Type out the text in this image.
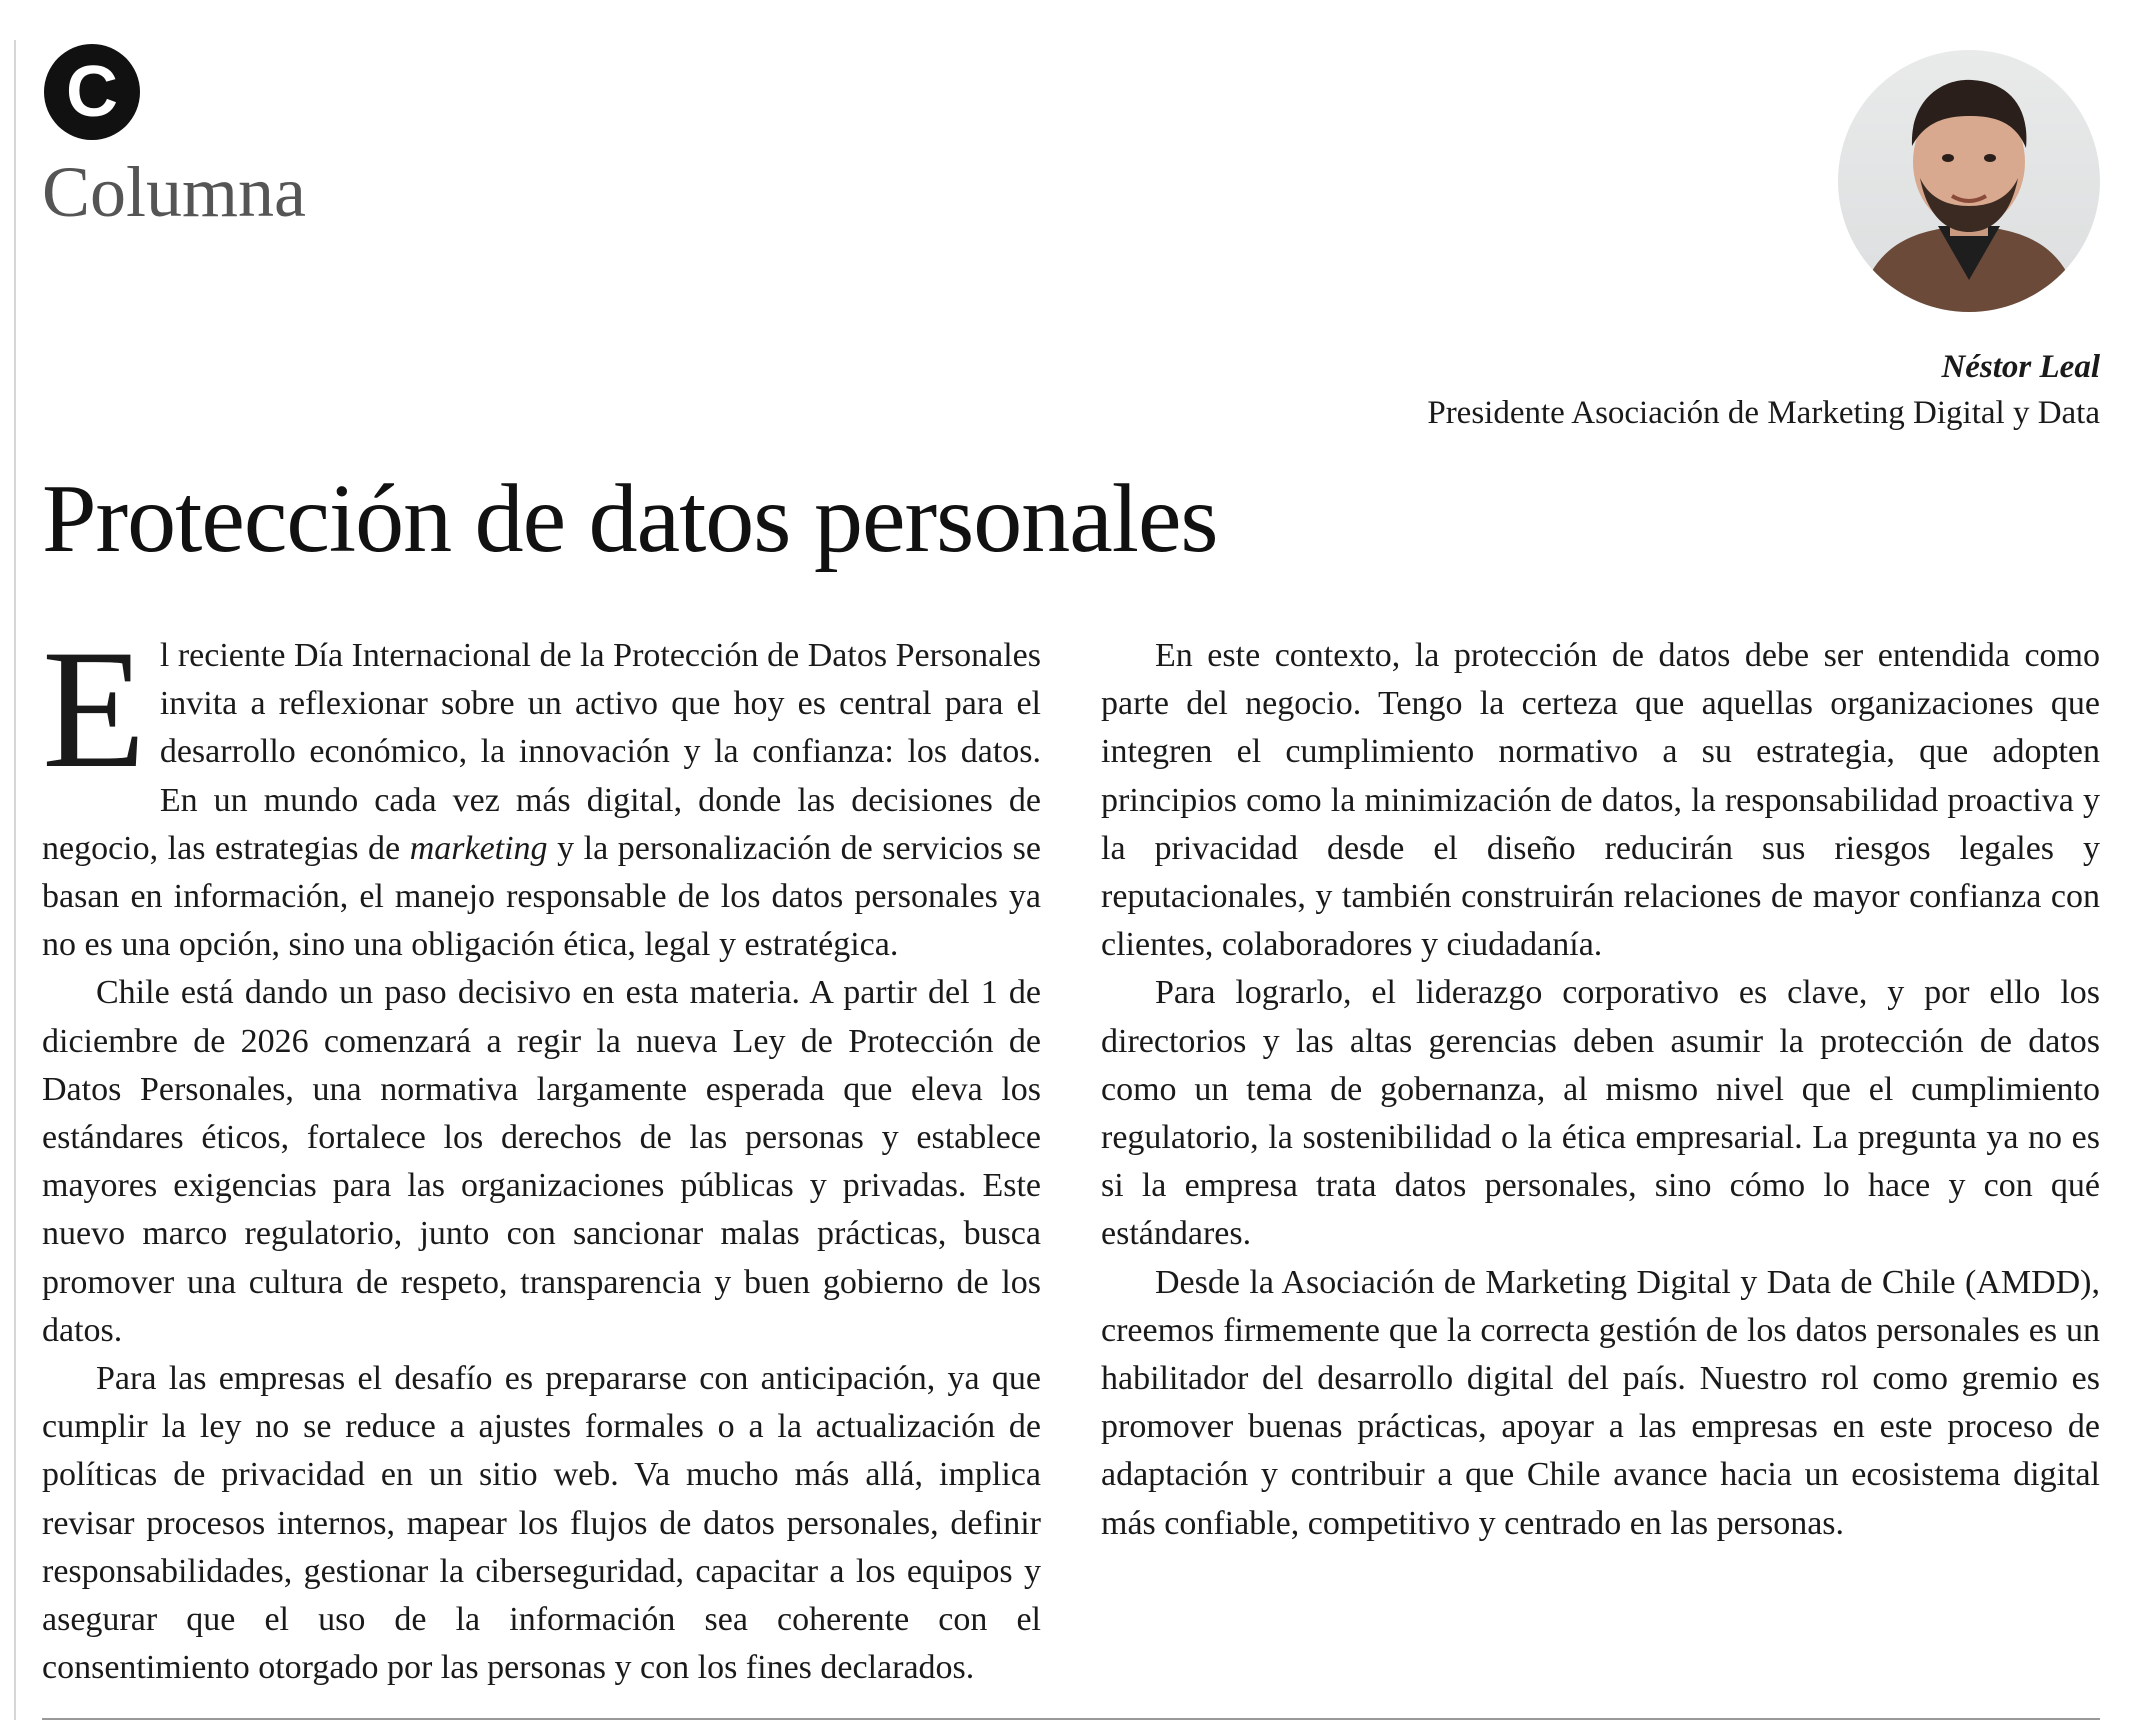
C
Columna
Néstor Leal
Presidente Asociación de Marketing Digital y Data
Protección de datos personales

El reciente Día Internacional de la Protección de Datos Personales invita a reflexionar sobre un activo que hoy es central para el desarrollo económico, la innovación y la confianza: los datos. En un mundo cada vez más digital, donde las decisiones de negocio, las estrategias de marketing y la personalización de servicios se basan en información, el manejo responsable de los datos personales ya no es una opción, sino una obligación ética, legal y estratégica.

Chile está dando un paso decisivo en esta materia. A partir del 1 de diciembre de 2026 comenzará a regir la nueva Ley de Protección de Datos Personales, una normativa largamente esperada que eleva los estándares éticos, fortalece los derechos de las personas y establece mayores exigencias para las organizaciones públicas y privadas. Este nuevo marco regulatorio, junto con sancionar malas prácticas, busca promover una cultura de respeto, transparencia y buen gobierno de los datos.

Para las empresas el desafío es prepararse con anticipación, ya que cumplir la ley no se reduce a ajustes formales o a la actualización de políticas de privacidad en un sitio web. Va mucho más allá, implica revisar procesos internos, mapear los flujos de datos personales, definir responsabilidades, gestionar la ciberseguridad, capacitar a los equipos y asegurar que el uso de la información sea coherente con el consentimiento otorgado por las personas y con los fines declarados.

En este contexto, la protección de datos debe ser entendida como parte del negocio. Tengo la certeza que aquellas organizaciones que integren el cumplimiento normativo a su estrategia, que adopten principios como la minimización de datos, la responsabilidad proactiva y la privacidad desde el diseño reducirán sus riesgos legales y reputacionales, y también construirán relaciones de mayor confianza con clientes, colaboradores y ciudadanía.

Para lograrlo, el liderazgo corporativo es clave, y por ello los directorios y las altas gerencias deben asumir la protección de datos como un tema de gobernanza, al mismo nivel que el cumplimiento regulatorio, la sostenibilidad o la ética empresarial. La pregunta ya no es si la empresa trata datos personales, sino cómo lo hace y con qué estándares.

Desde la Asociación de Marketing Digital y Data de Chile (AMDD), creemos firmemente que la correcta gestión de los datos personales es un habilitador del desarrollo digital del país. Nuestro rol como gremio es promover buenas prácticas, apoyar a las empresas en este proceso de adaptación y contribuir a que Chile avance hacia un ecosistema digital más confiable, competitivo y centrado en las personas.
